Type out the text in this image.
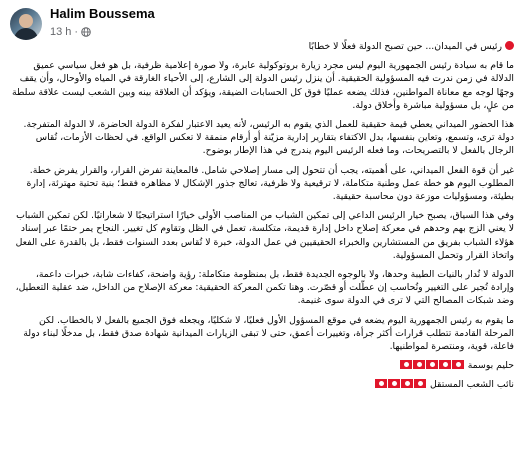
Halim Boussema
13 h ·

رئيس في الميدان... حين تصبح الدولة فعلًا لا خطابًا

ما قام به سيادة رئيس الجمهورية اليوم ليس مجرد زيارة بروتوكولية عابرة، ولا صورة إعلامية ظرفية، بل هو فعل سياسي عميق الدلالة في زمن ندرت فيه المسؤولية الحقيقية. أن ينزل رئيس الدولة إلى الشارع، إلى الأحياء الغارقة في المياه والأوحال، وأن يقف وجهًا لوجه مع معاناة المواطنين، فذلك يضعه عمليًا فوق كل الحسابات الضيقة، ويؤكد أن العلاقة بينه وبين الشعب ليست علاقة سلطة من علٍ، بل مسؤولية مباشرة وأخلاق دولة.

هذا الحضور الميداني يعطي قيمة حقيقية للعمل الذي يقوم به الرئيس، لأنه يعيد الاعتبار لفكرة الدولة الحاضرة، لا الدولة المتفرجة. دولة ترى، وتسمع، وتعاين بنفسها، بدل الاكتفاء بتقارير إدارية مزيّنة أو أرقام منمقة لا تعكس الواقع. في لحظات الأزمات، تُقاس الرجال بالفعل لا بالتصريحات، وما فعله الرئيس اليوم يندرج في هذا الإطار بوضوح.

غير أن قوة الفعل الميداني، على أهميته، يجب أن تتحول إلى مسار إصلاحي شامل. فالمعاينة تفرض القرار، والقرار يفرض خطة. المطلوب اليوم هو خطة عمل وطنية متكاملة، لا ترقيعية ولا ظرفية، تعالج جذور الإشكال لا مظاهره فقط؛ بنية تحتية مهترئة، إدارة بطيئة، ومسؤوليات موزعة دون محاسبة حقيقية.

وفي هذا السياق، يصبح خيار الرئيس الداعي إلى تمكين الشباب من المناصب الأولى خيارًا استراتيجيًا لا شعاراتيًا. لكن تمكين الشباب لا يعني الزج بهم وحدهم في معركة إصلاح داخل إدارة قديمة، متكلسة، تعمل في الظل وتقاوم كل تغيير. النجاح يمر حتمًا عبر إسناد هؤلاء الشباب بفريق من المستشارين والخبراء الحقيقيين في عمل الدولة، خبرة لا تُقاس بعدد السنوات فقط، بل بالقدرة على الفعل واتخاذ القرار وتحمل المسؤولية.

الدولة لا تُدار بالنيات الطيبة وحدها، ولا بالوجوه الجديدة فقط، بل بمنظومة متكاملة: رؤية واضحة، كفاءات شابة، خبرات داعمة، وإرادة تُجبر على التغيير وتُحاسب إن عطّلت أو قصّرت. وهنا تكمن المعركة الحقيقية: معركة الإصلاح من الداخل، ضد عقلية التعطيل، وضد شبكات المصالح التي لا ترى في الدولة سوى غنيمة.

ما يقوم به رئيس الجمهورية اليوم يضعه في موقع المسؤول الأول فعليًا، لا شكليًا، ويجعله فوق الجميع بالفعل لا بالخطاب. لكن المرحلة القادمة تتطلب قرارات أكثر جرأة، وتغييرات أعمق، حتى لا تبقى الزيارات الميدانية شهادة صدق فقط، بل مدخلًا لبناء دولة فاعلة، قوية، ومنتصرة لمواطنيها.

حليم بوسمة

نائب الشعب المستقل
